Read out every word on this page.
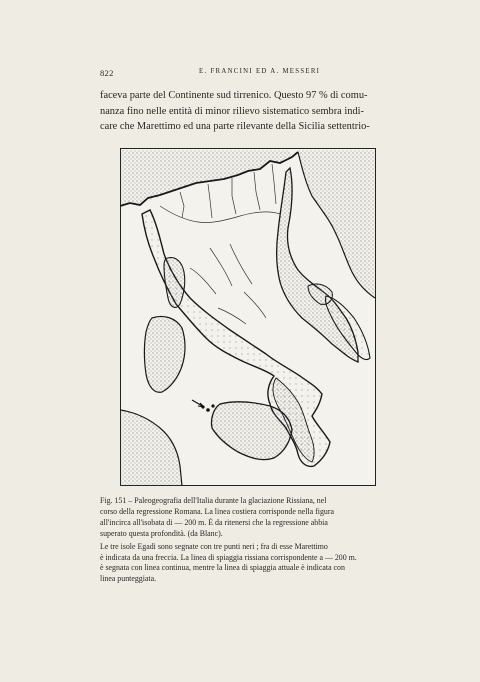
822	E. FRANCINI ED A. MESSERI
faceva parte del Continente sud tirrenico. Questo 97 % di comu-
nanza fino nelle entità di minor rilievo sistematico sembra indi-
care che Marettimo ed una parte rilevante della Sicilia settentrio-
Fig. 151 – Paleogeografia dell'Italia durante la glaciazione Rissiana, nel
corso della regressione Romana. La linea costiera corrisponde nella figura
all'incirca all'isobata di — 200 m. È da ritenersi che la regressione abbia
superato questa profondità. (da Blanc).
Le tre isole Egadi sono segnate con tre punti neri ; fra di esse Marettimo
è indicata da una freccia. La linea di spiaggia rissiana corrispondente a — 200 m.
è segnata con linea continua, mentre la linea di spiaggia attuale è indicata con
linea punteggiata.
